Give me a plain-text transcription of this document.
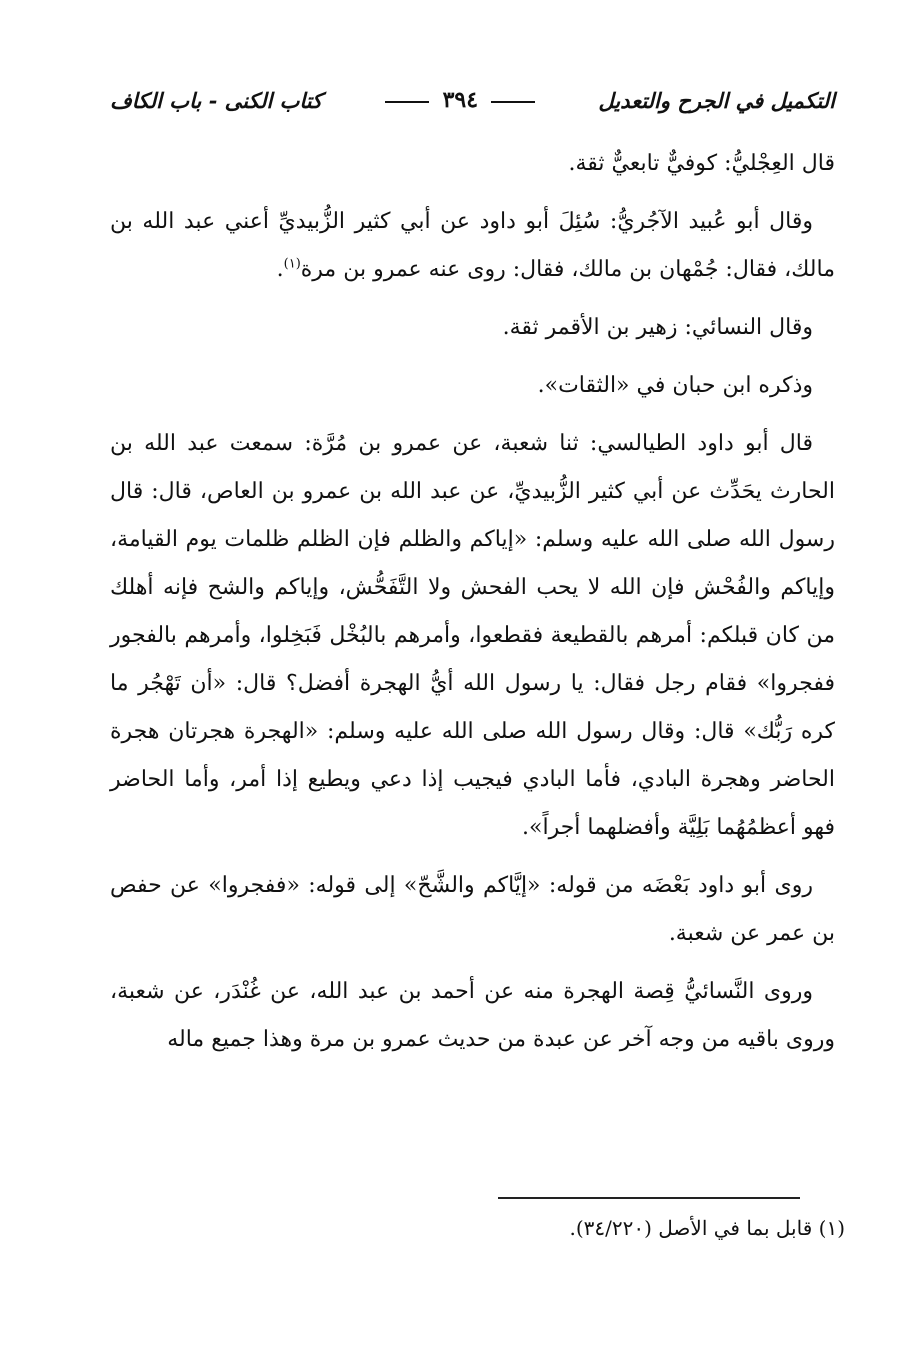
التكميل في الجرح والتعديل
٣٩٤
كتاب الكنى - باب الكاف

قال العِجْليُّ: كوفيٌّ تابعيٌّ ثقة.

وقال أبو عُبيد الآجُريُّ: سُئِلَ أبو داود عن أبي كثير الزُّبيديِّ أعني عبد الله بن مالك، فقال: جُمْهان بن مالك، فقال: روى عنه عمرو بن مرة$^{(١)}$.

وقال النسائي: زهير بن الأقمر ثقة.

وذكره ابن حبان في «الثقات».

قال أبو داود الطيالسي: ثنا شعبة، عن عمرو بن مُرَّة: سمعت عبد الله بن الحارث يحَدِّث عن أبي كثير الزُّبيديِّ، عن عبد الله بن عمرو بن العاص، قال: قال رسول الله صلى الله عليه وسلم: «إياكم والظلم فإن الظلم ظلمات يوم القيامة، وإياكم والفُحْش فإن الله لا يحب الفحش ولا التَّفَحُّش، وإياكم والشح فإنه أهلك من كان قبلكم: أمرهم بالقطيعة فقطعوا، وأمرهم بالبُخْل فَبَخِلوا، وأمرهم بالفجور ففجروا» فقام رجل فقال: يا رسول الله أيُّ الهجرة أفضل؟ قال: «أن تَهْجُر ما كره رَبُّك» قال: وقال رسول الله صلى الله عليه وسلم: «الهجرة هجرتان هجرة الحاضر وهجرة البادي، فأما البادي فيجيب إذا دعي ويطيع إذا أمر، وأما الحاضر فهو أعظمُهُما بَلِيَّة وأفضلهما أجراً».

روى أبو داود بَعْضَه من قوله: «إيَّاكم والشَّحّ» إلى قوله: «ففجروا» عن حفص بن عمر عن شعبة.

وروى النَّسائيُّ قِصة الهجرة منه عن أحمد بن عبد الله، عن غُنْدَر، عن شعبة، وروى باقيه من وجه آخر عن عبدة من حديث عمرو بن مرة وهذا جميع ماله

(١) قابل بما في الأصل (٣٤/٢٢٠).
